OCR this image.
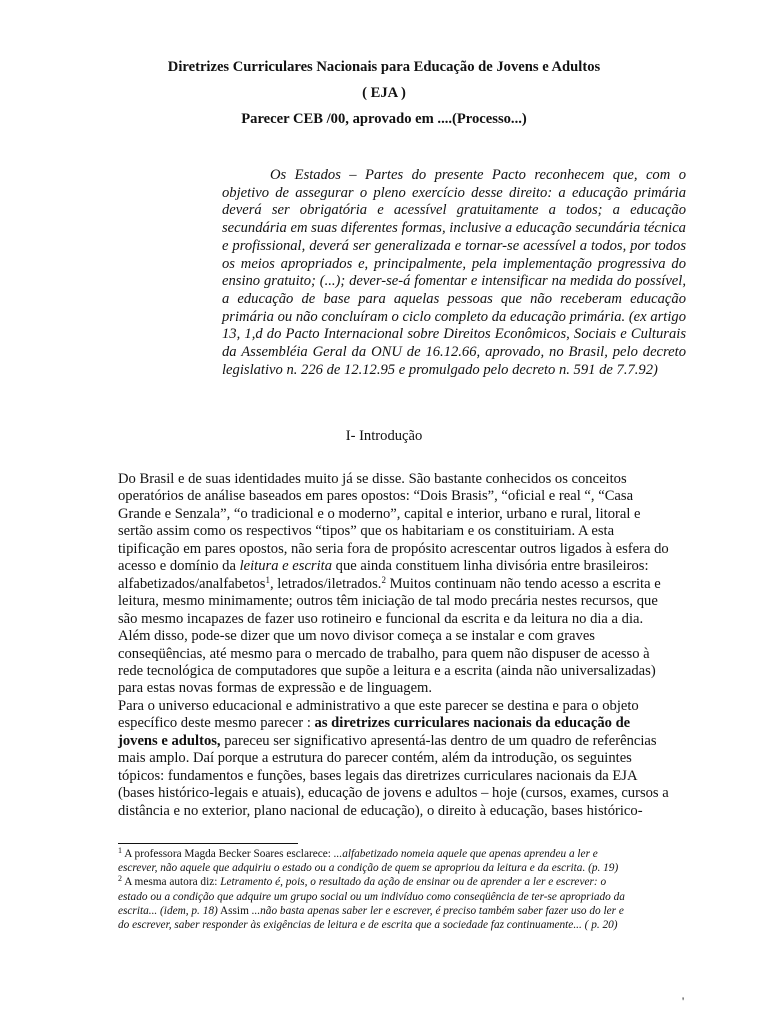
Diretrizes Curriculares Nacionais para Educação de Jovens e Adultos
( EJA )
Parecer CEB /00, aprovado em ....(Processo...)
Os Estados – Partes do presente Pacto reconhecem que, com o objetivo de assegurar o pleno exercício desse direito: a educação primária deverá ser obrigatória e acessível gratuitamente a todos; a educação secundária em suas diferentes formas, inclusive a educação secundária técnica e profissional, deverá ser generalizada e tornar-se acessível a todos, por todos os meios apropriados e, principalmente, pela implementação progressiva do ensino gratuito; (...); dever-se-á fomentar e intensificar na medida do possível, a educação de base para aquelas pessoas que não receberam educação primária ou não concluíram o ciclo completo da educação primária. (ex artigo 13, 1,d do Pacto Internacional sobre Direitos Econômicos, Sociais e Culturais da Assembléia Geral da ONU de 16.12.66, aprovado, no Brasil, pelo decreto legislativo n. 226 de 12.12.95 e promulgado pelo decreto n. 591 de 7.7.92)
I- Introdução
Do Brasil e de suas identidades muito já se disse. São bastante conhecidos os conceitos
operatórios de análise baseados em pares opostos: “Dois Brasis”, “oficial e real “, “Casa
Grande e Senzala”, “o tradicional e o moderno”, capital e interior, urbano e rural, litoral e
sertão assim como os respectivos “tipos” que os habitariam e os constituiriam. A esta
tipificação em pares opostos, não seria fora de propósito acrescentar outros ligados à esfera do
acesso e domínio da leitura e escrita que ainda constituem linha divisória entre brasileiros:
alfabetizados/analfabetos$^1$, letrados/iletrados.$^2$ Muitos continuam não tendo acesso a escrita e
leitura, mesmo minimamente; outros têm iniciação de tal modo precária nestes recursos, que
são mesmo incapazes de fazer uso rotineiro e funcional da escrita e da leitura no dia a dia.
Além disso, pode-se dizer que um novo divisor começa a se instalar e com graves
conseqüências, até mesmo para o mercado de trabalho, para quem não dispuser de acesso à
rede tecnológica de computadores que supõe a leitura e a escrita (ainda não universalizadas)
para estas novas formas de expressão e de linguagem.
Para o universo educacional e administrativo a que este parecer se destina e para o objeto
específico deste mesmo parecer : as diretrizes curriculares nacionais da educação de
jovens e adultos, pareceu ser significativo apresentá-las dentro de um quadro de referências
mais amplo. Daí porque a estrutura do parecer contém, além da introdução, os seguintes
tópicos: fundamentos e funções, bases legais das diretrizes curriculares nacionais da EJA
(bases histórico-legais e atuais), educação de jovens e adultos – hoje (cursos, exames, cursos a
distância e no exterior, plano nacional de educação), o direito à educação, bases histórico-
$^1$ A professora Magda Becker Soares esclarece: ...alfabetizado nomeia aquele que apenas aprendeu a ler e
escrever, não aquele que adquiriu o estado ou a condição de quem se apropriou da leitura e da escrita. (p. 19)
$^2$ A mesma autora diz: Letramento é, pois, o resultado da ação de ensinar ou de aprender a ler e escrever: o
estado ou a condição que adquire um grupo social ou um indivíduo como conseqüência de ter-se apropriado da
escrita... (idem, p. 18) Assim ...não basta apenas saber ler e escrever, é preciso também saber fazer uso do ler e
do escrever, saber responder às exigências de leitura e de escrita que a sociedade faz continuamente... ( p. 20)
'
